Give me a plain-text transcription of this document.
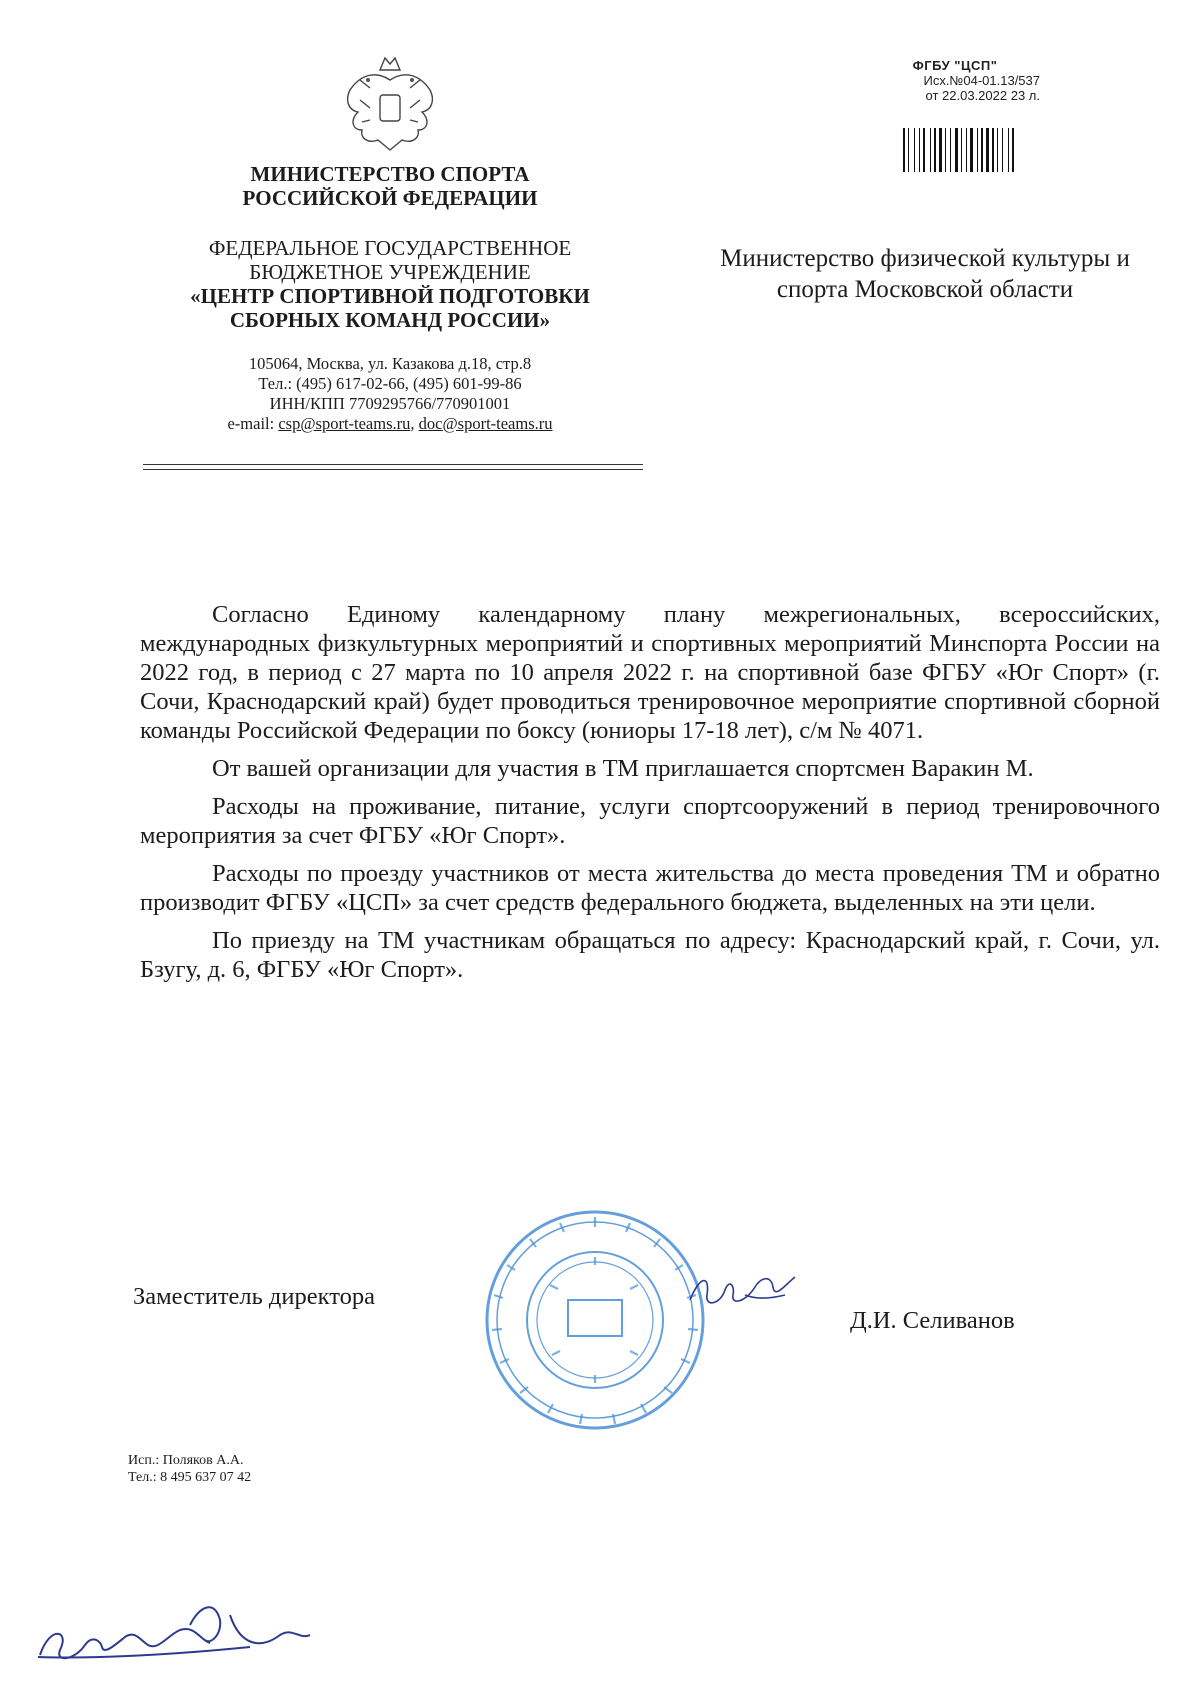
МИНИСТЕРСТВО СПОРТА
РОССИЙСКОЙ ФЕДЕРАЦИИ
ФЕДЕРАЛЬНОЕ ГОСУДАРСТВЕННОЕ
БЮДЖЕТНОЕ УЧРЕЖДЕНИЕ
«ЦЕНТР СПОРТИВНОЙ ПОДГОТОВКИ
СБОРНЫХ КОМАНД РОССИИ»
105064, Москва, ул. Казакова д.18, стр.8
Тел.: (495) 617-02-66, (495) 601-99-86
ИНН/КПП 7709295766/770901001
e-mail: csp@sport-teams.ru, doc@sport-teams.ru
ФГБУ "ЦСП"
Исх.№04-01.13/537
от 22.03.2022 23 л.
Министерство физической культуры и
спорта Московской области

Согласно Единому календарному плану межрегиональных, всероссийских, международных физкультурных мероприятий и спортивных мероприятий Минспорта России на 2022 год, в период с 27 марта по 10 апреля 2022 г. на спортивной базе ФГБУ «Юг Спорт» (г. Сочи, Краснодарский край) будет проводиться тренировочное мероприятие спортивной сборной команды Российской Федерации по боксу (юниоры 17-18 лет), с/м № 4071.

От вашей организации для участия в ТМ приглашается спортсмен Варакин М.

Расходы на проживание, питание, услуги спортсооружений в период тренировочного мероприятия за счет ФГБУ «Юг Спорт».

Расходы по проезду участников от места жительства до места проведения ТМ и обратно производит ФГБУ «ЦСП» за счет средств федерального бюджета, выделенных на эти цели.

По приезду на ТМ участникам обращаться по адресу: Краснодарский край, г. Сочи, ул. Бзугу, д. 6, ФГБУ «Юг Спорт».

Заместитель директора
Д.И. Селиванов
Исп.: Поляков А.А.
Тел.: 8 495 637 07 42
